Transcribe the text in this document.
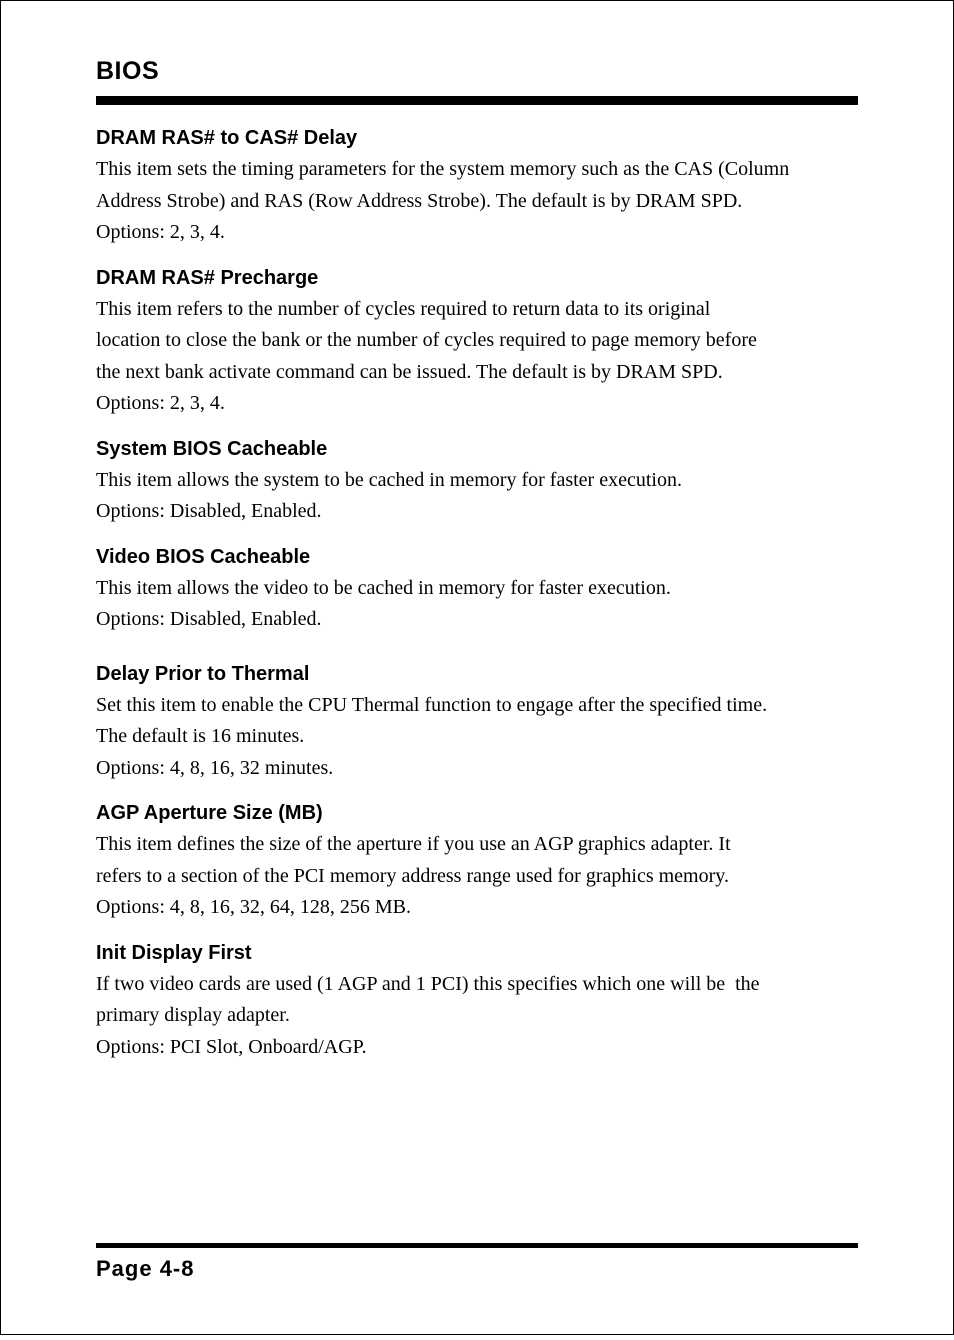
BIOS
DRAM RAS# to CAS# Delay

This item sets the timing parameters for the system memory such as the CAS (Column
Address Strobe) and RAS (Row Address Strobe). The default is by DRAM SPD.
Options: 2, 3, 4.

DRAM RAS# Precharge

This item refers to the number of cycles required to return data to its original
location to close the bank or the number of cycles required to page memory before
the next bank activate command can be issued. The default is by DRAM SPD.
Options: 2, 3, 4.

System BIOS Cacheable

This item allows the system to be cached in memory for faster execution.
Options: Disabled, Enabled.

Video BIOS Cacheable

This item allows the video to be cached in memory for faster execution.
Options: Disabled, Enabled.

Delay Prior to Thermal

Set this item to enable the CPU Thermal function to engage after the specified time.
The default is 16 minutes.
Options: 4, 8, 16, 32 minutes.

AGP Aperture Size (MB)

This item defines the size of the aperture if you use an AGP graphics adapter. It
refers to a section of the PCI memory address range used for graphics memory.
Options: 4, 8, 16, 32, 64, 128, 256 MB.

Init Display First

If two video cards are used (1 AGP and 1 PCI) this specifies which one will be  the
primary display adapter.
Options: PCI Slot, Onboard/AGP.

Page 4-8
